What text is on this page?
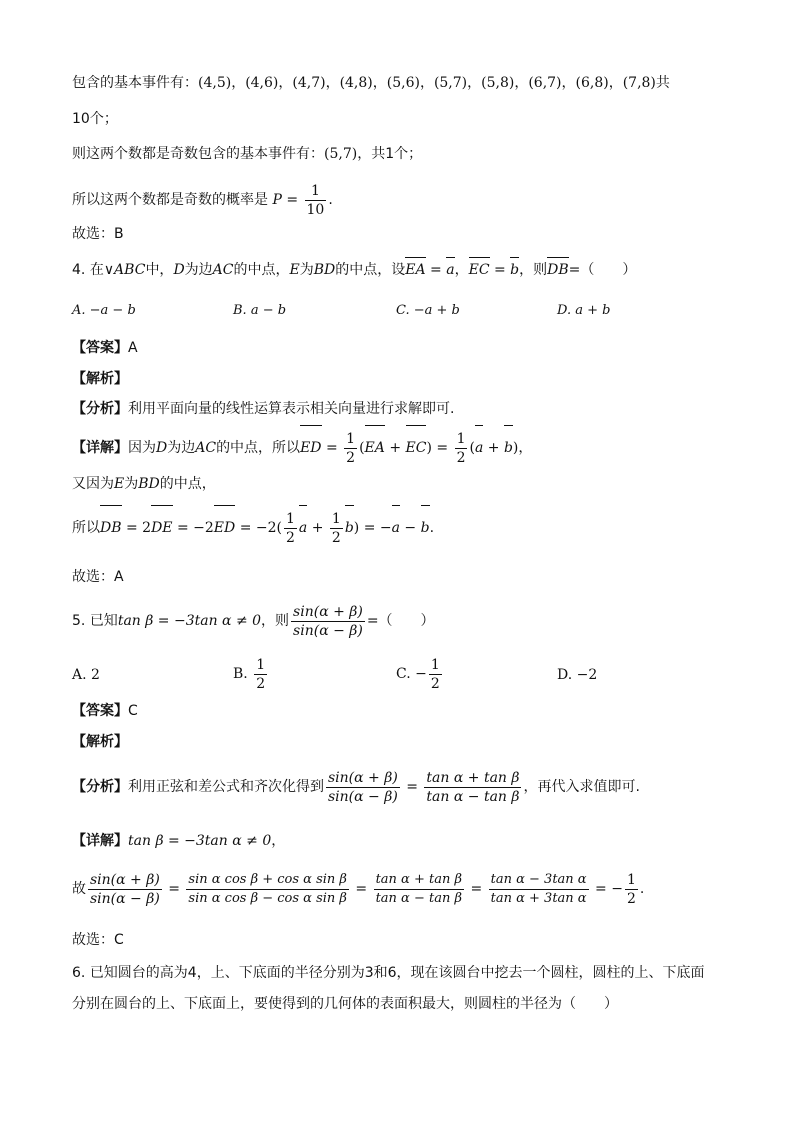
包含的基本事件有：(4,5)，(4,6)，(4,7)，(4,8)，(5,6)，(5,7)，(5,8)，(6,7)，(6,8)，(7,8)共
10个；
则这两个数都是奇数包含的基本事件有：(5,7)，共1个；
所以这两个数都是奇数的概率是 $P = \frac{1}{10}$ .
故选：B
4. 在∨ABC中，D为边AC的中点，E为BD的中点，设EA = a，EC = b，则DB=（　　）
A. −a − b	B. a − b	C. −a + b	D. a + b
【答案】A
【解析】
【分析】利用平面向量的线性运算表示相关向量进行求解即可.
【详解】因为D为边AC的中点，所以ED = $\frac{1}{2} (EA + EC) = \frac{1}{2} (a + b)$，
又因为E为BD的中点，
所以DB = $2DE = -2ED = -2( \frac{1}{2}$ $a + \frac{1}{2} b) = -a - b$.
故选：A
5. 已知tan β = −3tan α ≠ 0，则 $\frac{\sin(\alpha + \beta)}{\sin(\alpha - \beta)}$ =（　　）
A. 2	B. $\frac{1}{2}$	C. − $\frac{1}{2}$	D. −2
【答案】C
【解析】
【分析】利用正弦和差公式和齐次化得到 $\frac{\sin(\alpha + \beta)}{\sin(\alpha - \beta)} = \frac{\text{tan α + tan β}}{\text{tan α − tan β}}$ ，再代入求值即可.
【详解】tan β = −3tan α ≠ 0，
故 $\frac{\sin(\alpha + \beta)}{\sin(\alpha - \beta)} = \frac{\text{sin α cos β + cos α sin β}}{\text{sin α cos β − cos α sin β}} = \frac{\text{tan α + tan β}}{\text{tan α − tan β}} = \frac{\text{tan α − 3tan α}}{\text{tan α + 3tan α}}$ = − $\frac{1}{2}$ .
故选：C
6. 已知圆台的高为4，上、下底面的半径分别为3和6，现在该圆台中挖去一个圆柱，圆柱的上、下底面
分别在圆台的上、下底面上，要使得到的几何体的表面积最大，则圆柱的半径为（　　）
